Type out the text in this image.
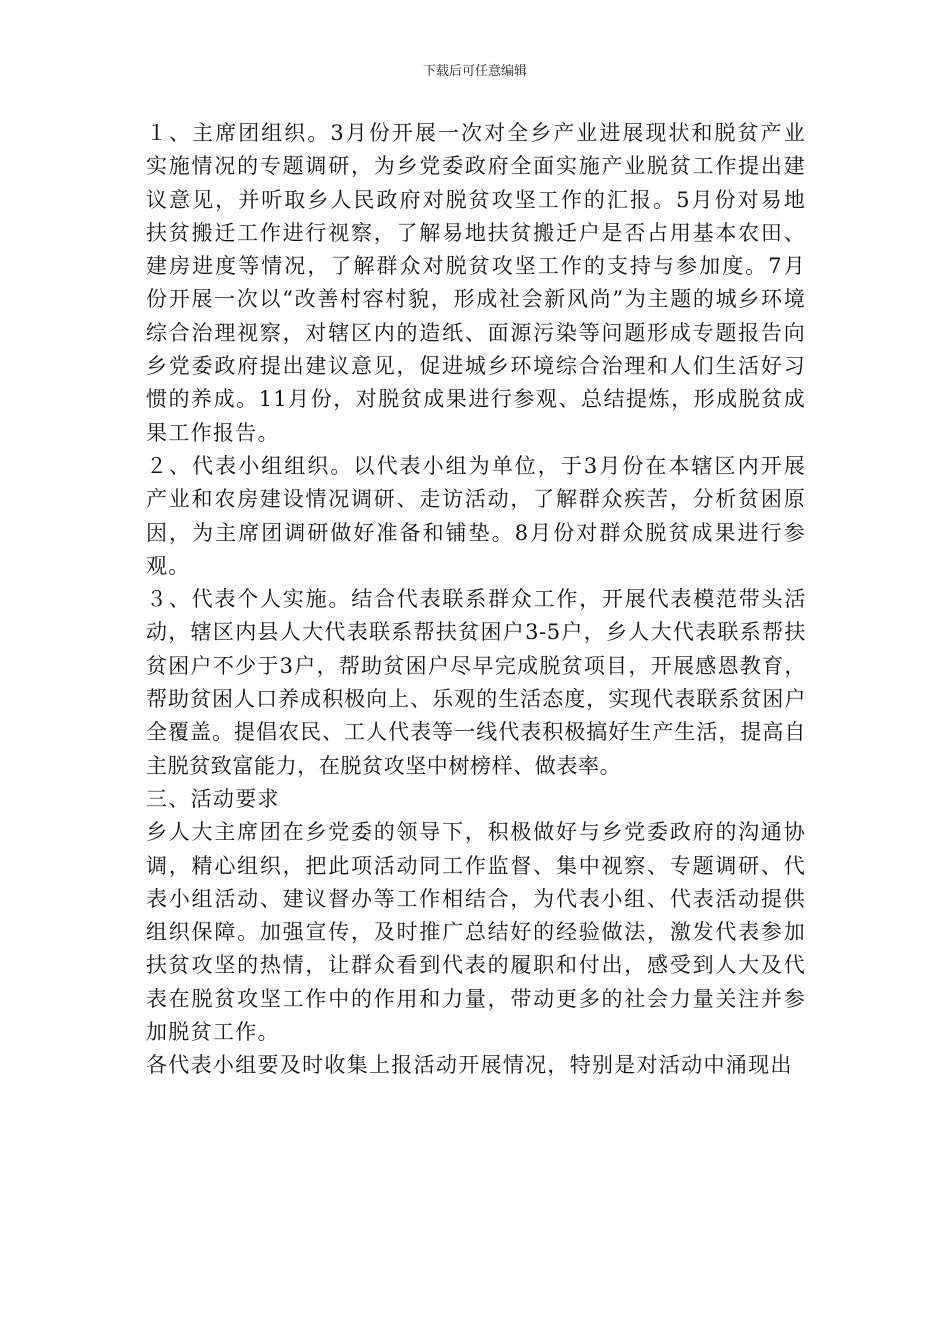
下载后可任意编辑

１、主席团组织。3月份开展一次对全乡产业进展现状和脱贫产业实施情况的专题调研，为乡党委政府全面实施产业脱贫工作提出建议意见，并听取乡人民政府对脱贫攻坚工作的汇报。5月份对易地扶贫搬迁工作进行视察，了解易地扶贫搬迁户是否占用基本农田、建房进度等情况，了解群众对脱贫攻坚工作的支持与参加度。7月份开展一次以“改善村容村貌，形成社会新风尚”为主题的城乡环境综合治理视察，对辖区内的造纸、面源污染等问题形成专题报告向乡党委政府提出建议意见，促进城乡环境综合治理和人们生活好习惯的养成。11月份，对脱贫成果进行参观、总结提炼，形成脱贫成果工作报告。

２、代表小组组织。以代表小组为单位，于3月份在本辖区内开展产业和农房建设情况调研、走访活动，了解群众疾苦，分析贫困原因，为主席团调研做好准备和铺垫。8月份对群众脱贫成果进行参观。

３、代表个人实施。结合代表联系群众工作，开展代表模范带头活动，辖区内县人大代表联系帮扶贫困户3-5户，乡人大代表联系帮扶贫困户不少于3户，帮助贫困户尽早完成脱贫项目，开展感恩教育，帮助贫困人口养成积极向上、乐观的生活态度，实现代表联系贫困户全覆盖。提倡农民、工人代表等一线代表积极搞好生产生活，提高自主脱贫致富能力，在脱贫攻坚中树榜样、做表率。

三、活动要求

乡人大主席团在乡党委的领导下，积极做好与乡党委政府的沟通协调，精心组织，把此项活动同工作监督、集中视察、专题调研、代表小组活动、建议督办等工作相结合，为代表小组、代表活动提供组织保障。加强宣传，及时推广总结好的经验做法，激发代表参加扶贫攻坚的热情，让群众看到代表的履职和付出，感受到人大及代表在脱贫攻坚工作中的作用和力量，带动更多的社会力量关注并参加脱贫工作。

各代表小组要及时收集上报活动开展情况，特别是对活动中涌现出
